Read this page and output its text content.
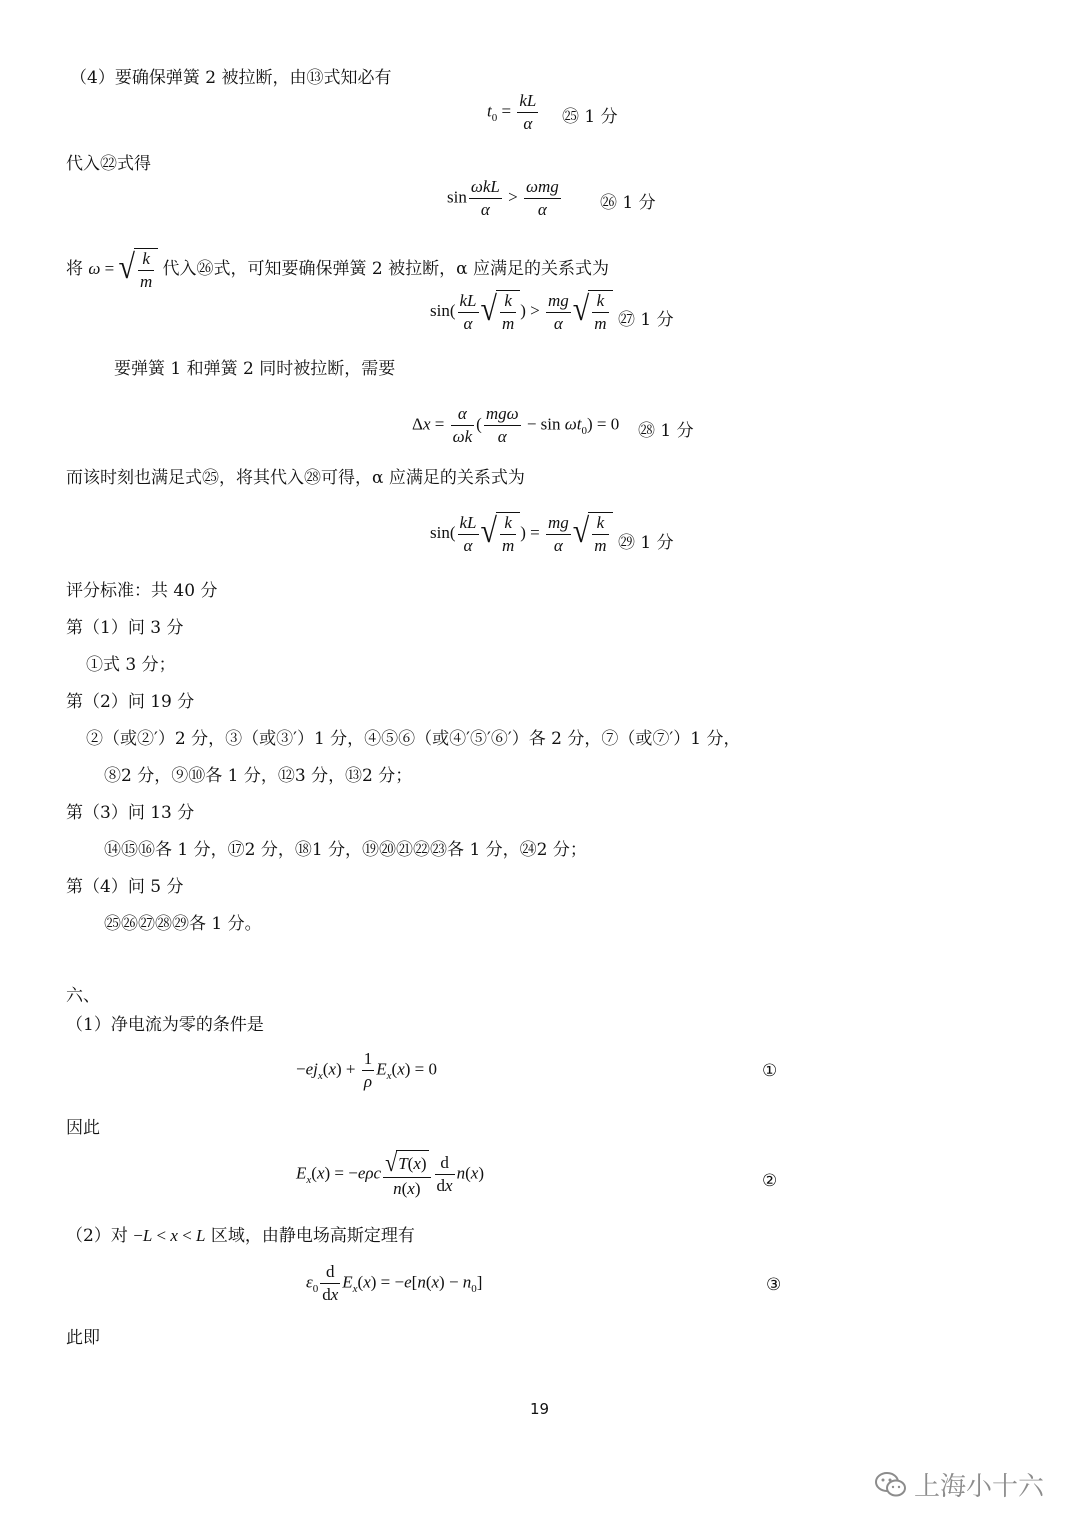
（4）要确保弹簧 2 被拉断，由⑬式知必有
$t_0 = \frac{kL}{\alpha}$ ㉕ 1 分
代入㉒式得
$\sin \frac{\text{ωkL}}{\alpha} > \frac{\text{ωmg}}{\alpha}$ ㉖ 1 分
将 ω = √ $\frac{k}{m}$ 代入㉖式，可知要确保弹簧 2 被拉断，α 应满足的关系式为
$\sin( \frac{kL}{\alpha}$ √ $\frac{k}{m}$ ) > $\frac{mg}{\alpha}$ √ $\frac{k}{m}$ ㉗ 1 分
要弹簧 1 和弹簧 2 同时被拉断，需要
$\Delta x = \frac{\alpha}{\omega k}$ ( $\frac{\text{mgω}}{\alpha} - \sin \omega t_0) = 0$ ㉘ 1 分
而该时刻也满足式㉕，将其代入㉘可得，α 应满足的关系式为
$\sin( \frac{kL}{\alpha}$ √ $\frac{k}{m}$ ) = $\frac{mg}{\alpha}$ √ $\frac{k}{m}$ ㉙ 1 分
评分标准：共 40 分
第（1）问 3 分
①式 3 分；
第（2）问 19 分
②（或②′）2 分，③（或③′）1 分，④⑤⑥（或④′⑤′⑥′）各 2 分，⑦（或⑦′）1 分，
⑧2 分，⑨⑩各 1 分，⑫3 分，⑬2 分；
第（3）问 13 分
⑭⑮⑯各 1 分，⑰2 分，⑱1 分，⑲⑳㉑㉒㉓各 1 分，㉔2 分；
第（4）问 5 分
㉕㉖㉗㉘㉙各 1 分。
六、
（1）净电流为零的条件是
$-ej_x(x) + \frac{1}{\rho} E_x(x) = 0$	①
因此
$E_x(x) = -e\rho c \frac{√ T ( x )}{n(x)} \frac{d}{dx} n(x)$	②
（2）对 −L < x < L 区域，由静电场高斯定理有
$\varepsilon_0 \frac{d}{dx} E_x(x) = -e[n(x) - n_0]$	③
此即
19
上海小十六
